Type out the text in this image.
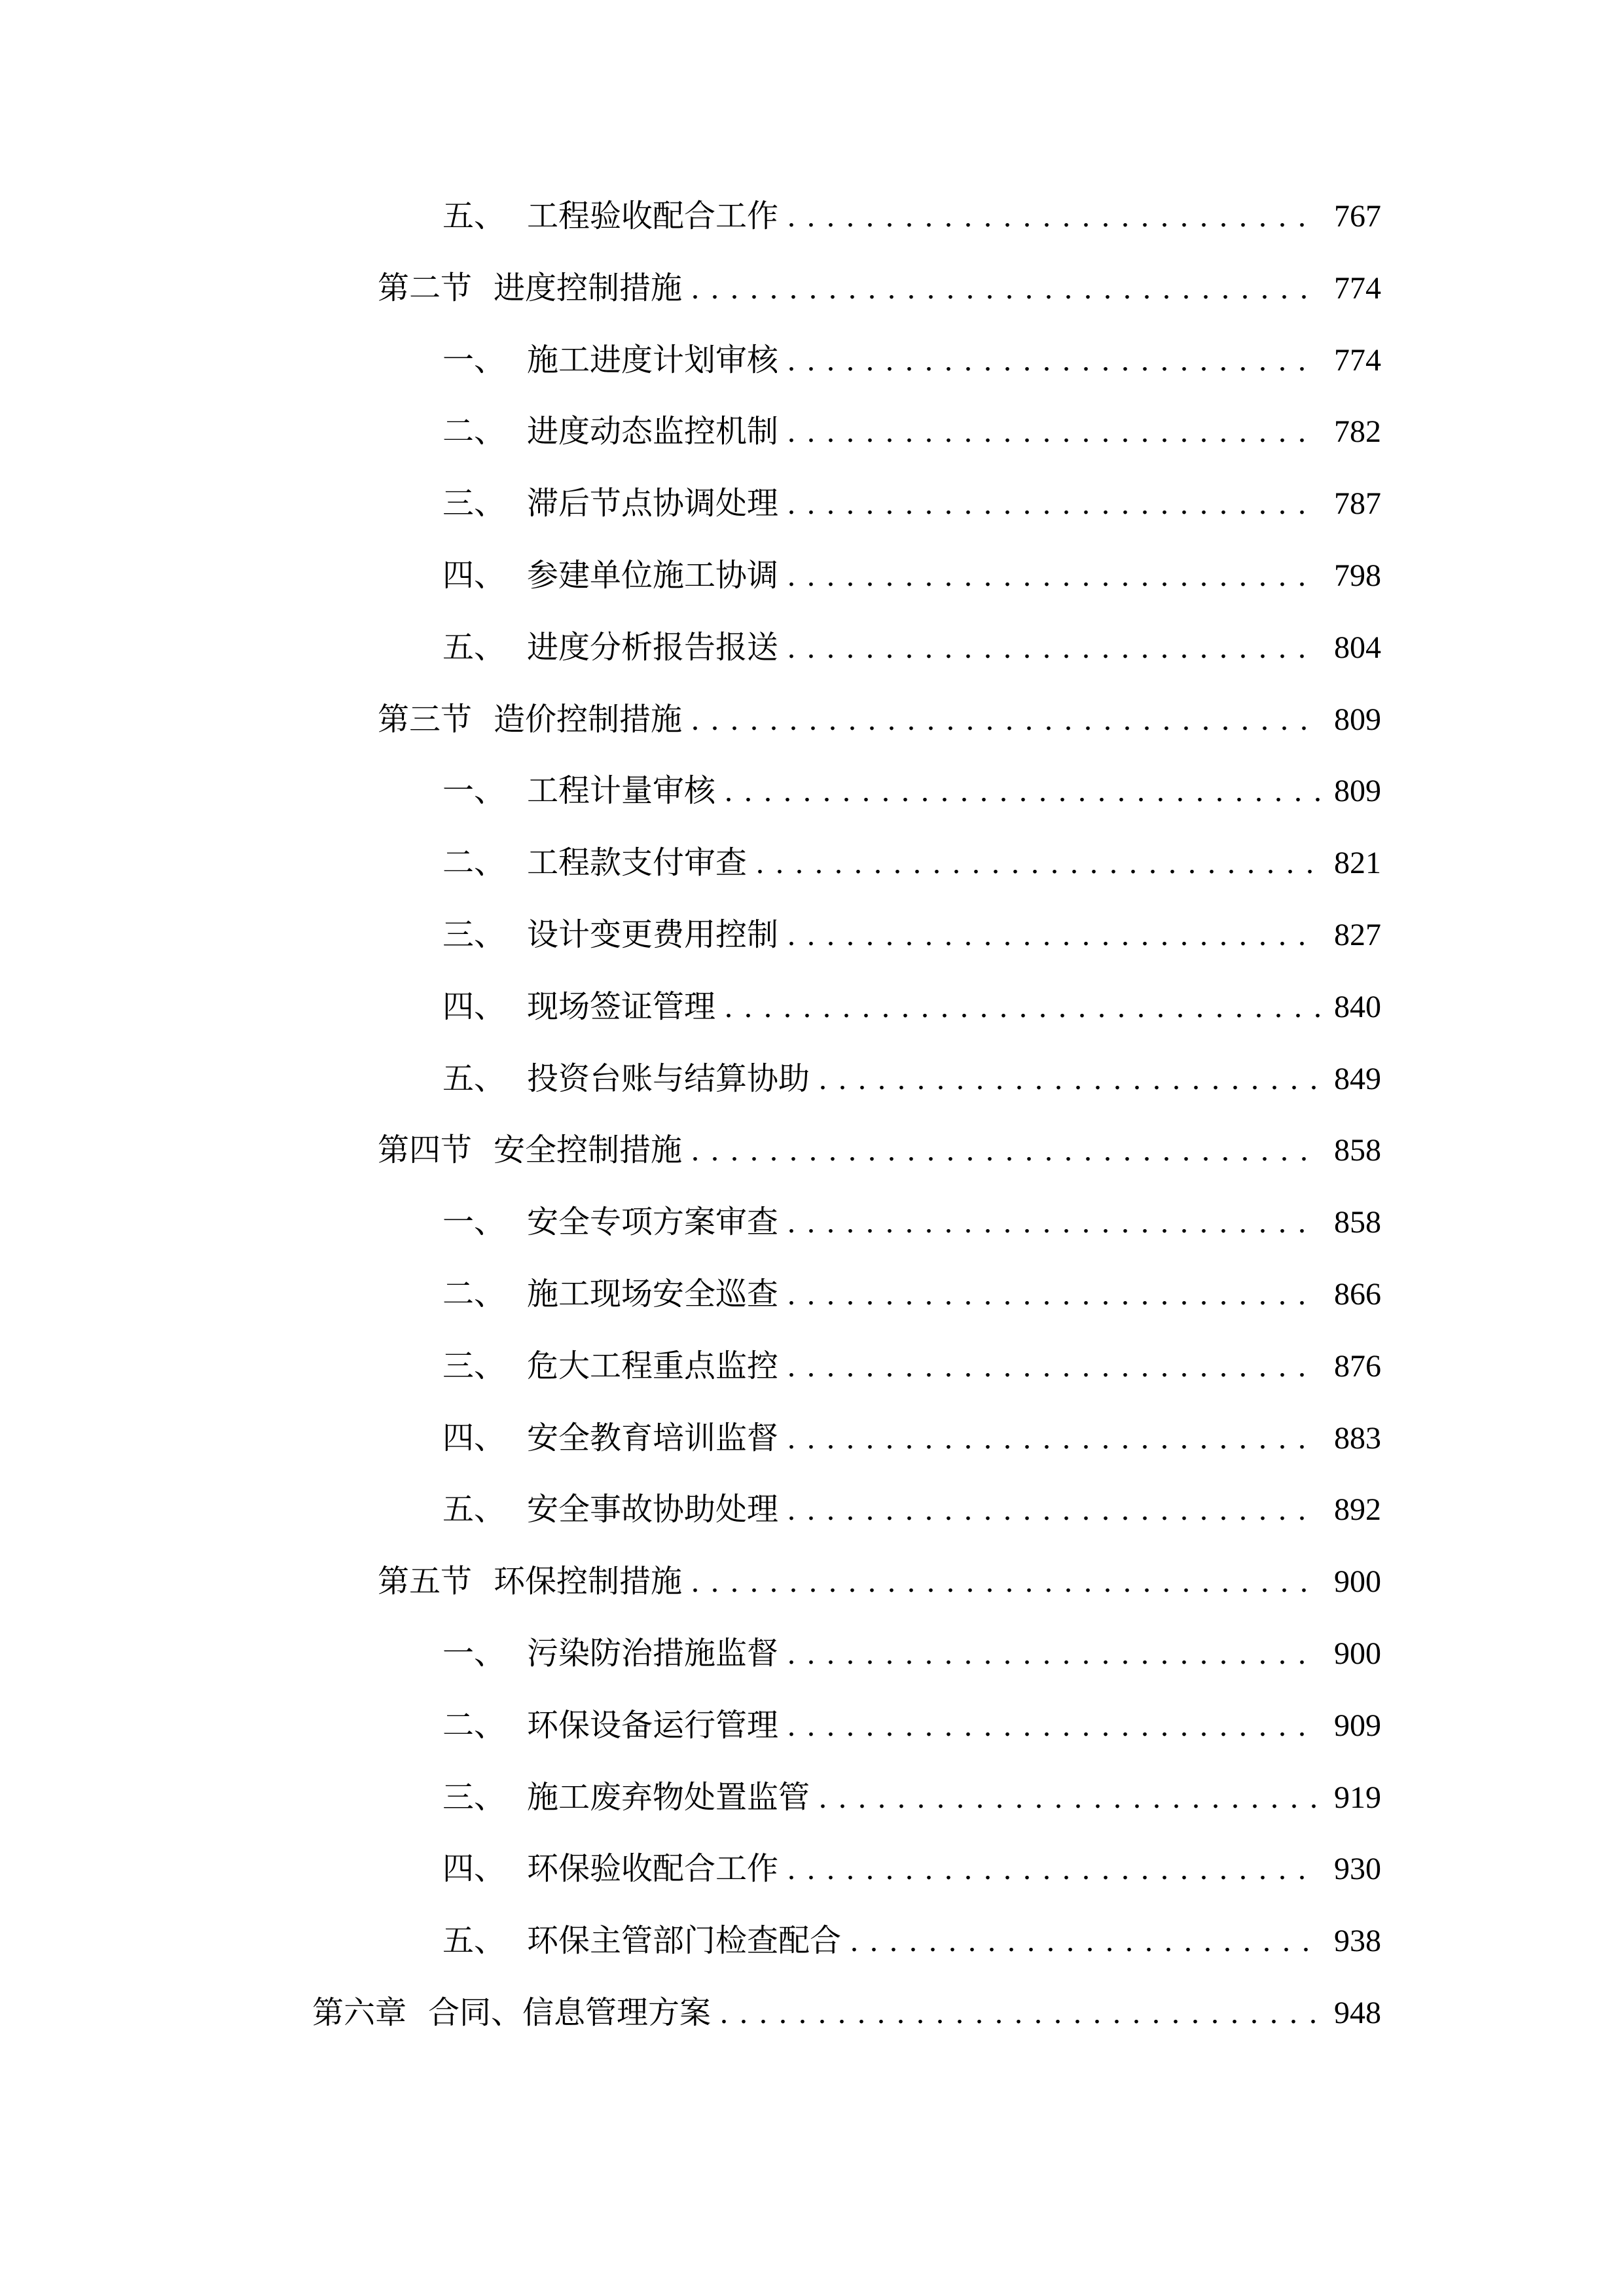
五、 工程验收配合工作 .....	767
第二节 进度控制措施 .....	774
一、 施工进度计划审核 .....	774
二、 进度动态监控机制 .....	782
三、 滞后节点协调处理 .....	787
四、 参建单位施工协调 .....	798
五、 进度分析报告报送 .....	804
第三节 造价控制措施 .....	809
一、 工程计量审核 .....	809
二、 工程款支付审查 .....	821
三、 设计变更费用控制 .....	827
四、 现场签证管理 .....	840
五、 投资台账与结算协助 .....	849
第四节 安全控制措施 .....	858
一、 安全专项方案审查 .....	858
二、 施工现场安全巡查 .....	866
三、 危大工程重点监控 .....	876
四、 安全教育培训监督 .....	883
五、 安全事故协助处理 .....	892
第五节 环保控制措施 .....	900
一、 污染防治措施监督 .....	900
二、 环保设备运行管理 .....	909
三、 施工废弃物处置监管 .....	919
四、 环保验收配合工作 .....	930
五、 环保主管部门检查配合 .....	938
第六章 合同、信息管理方案 .....	948
